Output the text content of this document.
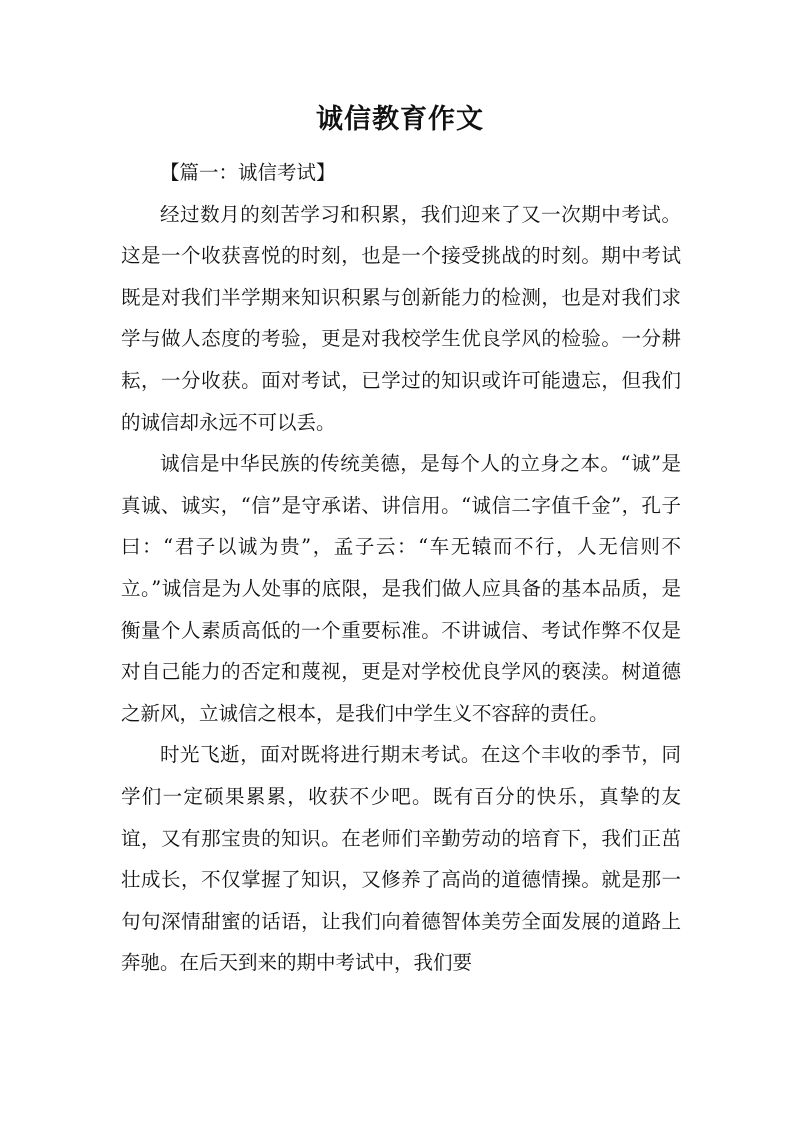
诚信教育作文

【篇一：诚信考试】

经过数月的刻苦学习和积累，我们迎来了又一次期中考试。这是一个收获喜悦的时刻，也是一个接受挑战的时刻。期中考试既是对我们半学期来知识积累与创新能力的检测，也是对我们求学与做人态度的考验，更是对我校学生优良学风的检验。一分耕耘，一分收获。面对考试，已学过的知识或许可能遗忘，但我们的诚信却永远不可以丢。

诚信是中华民族的传统美德，是每个人的立身之本。“诚”是真诚、诚实，“信”是守承诺、讲信用。“诚信二字值千金”，孔子曰：“君子以诚为贵”，孟子云：“车无辕而不行，人无信则不立。”诚信是为人处事的底限，是我们做人应具备的基本品质，是衡量个人素质高低的一个重要标准。不讲诚信、考试作弊不仅是对自己能力的否定和蔑视，更是对学校优良学风的亵渎。树道德之新风，立诚信之根本，是我们中学生义不容辞的责任。

时光飞逝，面对既将进行期末考试。在这个丰收的季节，同学们一定硕果累累，收获不少吧。既有百分的快乐，真挚的友谊，又有那宝贵的知识。在老师们辛勤劳动的培育下，我们正茁壮成长，不仅掌握了知识，又修养了高尚的道德情操。就是那一句句深情甜蜜的话语，让我们向着德智体美劳全面发展的道路上奔驰。在后天到来的期中考试中，我们要
